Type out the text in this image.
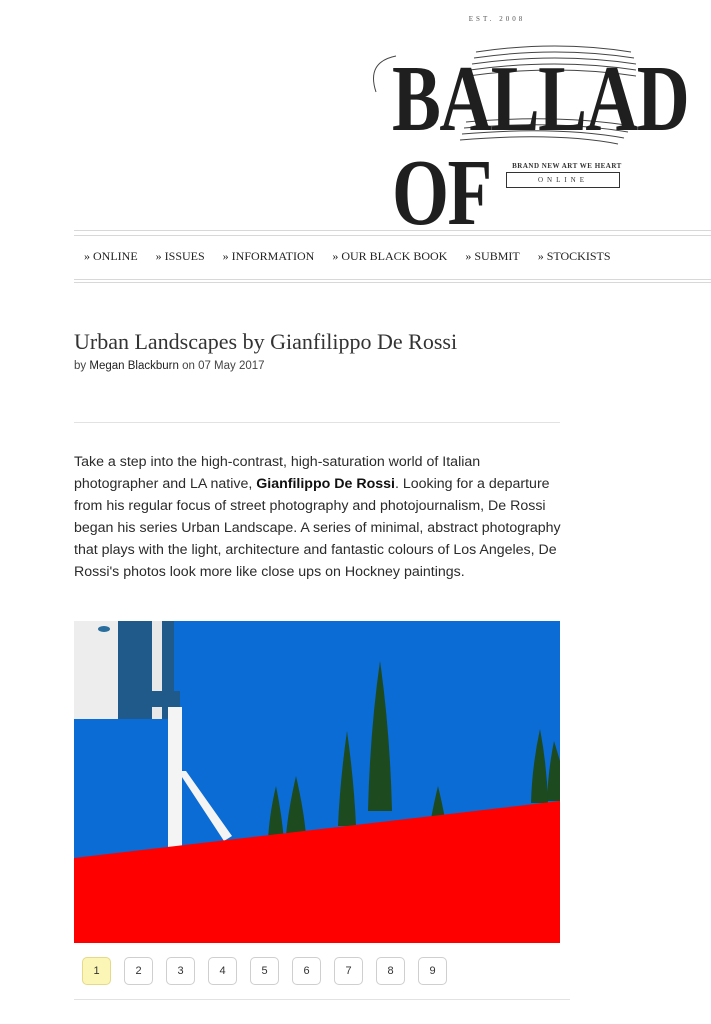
EST. 2008
BALLAD OF	BRAND NEW ART WE HEART
ONLINE
» ONLINE » ISSUES » INFORMATION » OUR BLACK BOOK » SUBMIT » STOCKISTS
Urban Landscapes by Gianfilippo De Rossi
by Megan Blackburn on 07 May 2017

Take a step into the high-contrast, high-saturation world of Italian photographer and LA native, Gianfilippo De Rossi. Looking for a departure from his regular focus of street photography and photojournalism, De Rossi began his series Urban Landscape. A series of minimal, abstract photography that plays with the light, architecture and fantastic colours of Los Angeles, De Rossi's photos look more like close ups on Hockney paintings.

1	2	3	4	5	6	7	8	9
